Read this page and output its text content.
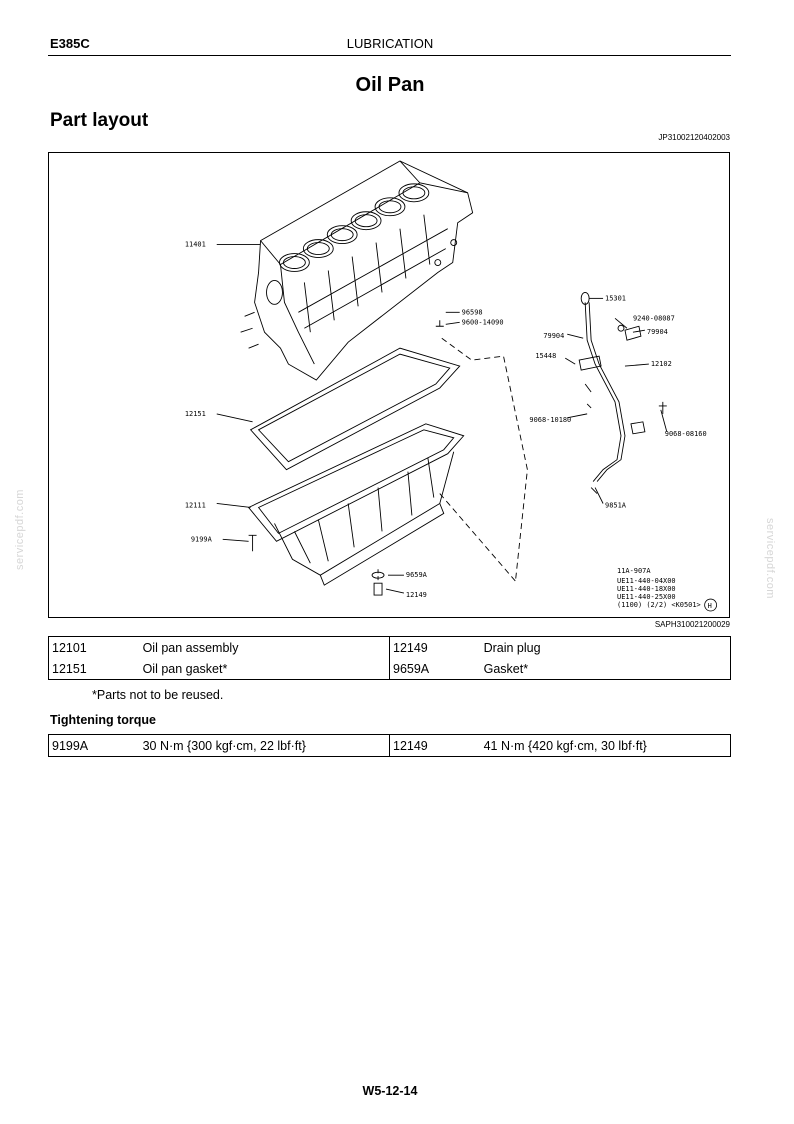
E385C	LUBRICATION
Oil Pan
Part layout
JP31002120402003
11401
15301
9240-08087
96598
9600-14090
79904	79904
15448
12102
12151
9068-10180
9068-08160
12111	9851A
9199A
9659A
12149
11A-907A
UE11-440-04X00
UE11-440-18X00
UE11-440-25X00
(1100) (2/2) <K0501> H
SAPH310021200029
12101	Oil pan assembly	12149	Drain plug
12151	Oil pan gasket*	9659A	Gasket*
*Parts not to be reused.
Tightening torque
9199A	30 N·m {300 kgf·cm, 22 lbf·ft}	12149	41 N·m {420 kgf·cm, 30 lbf·ft}
W5-12-14
servicepdf.com	servicepdf.com
